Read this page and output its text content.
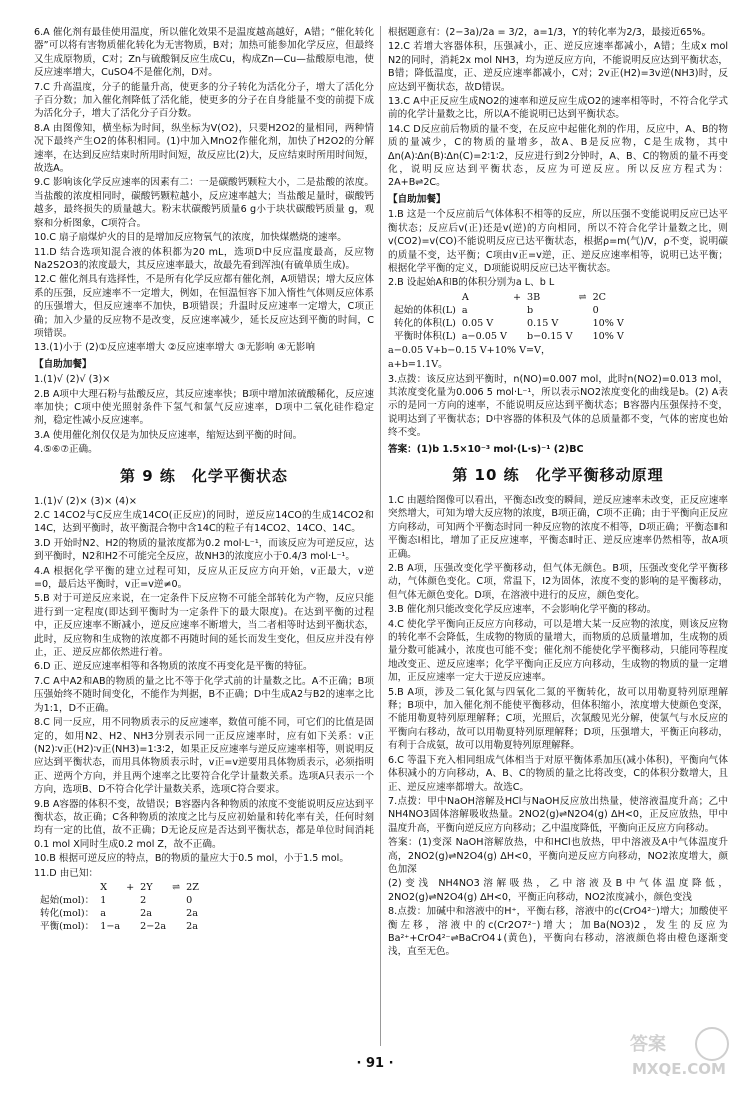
6.A 催化剂有最佳使用温度，所以催化效果不是温度越高越好，A错；“催化转化器”可以将有害物质催化转化为无害物质，B对；加热可能参加化学反应，但最终又生成原物质，C对；Zn与硫酸铜反应生成Cu，构成Zn—Cu—盐酸原电池，使反应速率增大，CuSO4不是催化剂，D对。

7.C 升高温度，分子的能量升高，使更多的分子转化为活化分子，增大了活化分子百分数；加入催化剂降低了活化能，使更多的分子在自身能量不变的前提下成为活化分子，增大了活化分子百分数。

8.A 由图像知，横坐标为时间，纵坐标为V(O2)，只要H2O2的量相同，两种情况下最终产生O2的体积相同。(1)中加入MnO2作催化剂，加快了H2O2的分解速率，在达到反应结束时所用时间短，故反应比(2)大，反应结束时所用时间短，故选A。

9.C 影响该化学反应速率的因素有二：一是碳酸钙颗粒大小，二是盐酸的浓度。当盐酸的浓度相同时，碳酸钙颗粒越小，反应速率越大；当盐酸足量时，碳酸钙越多，最终损失的质量越大。粉末状碳酸钙质量6 g小于块状碳酸钙质量 g，观察和分析图象，C项符合。

10.C 扇子扇煤炉火的目的是增加反应物氧气的浓度，加快煤燃烧的速率。

11.D 结合选项知混合液的体积都为20 mL，选项D中反应温度最高，反应物Na2S2O3的浓度最大，其反应速率最大，故最先看到浑浊(有硫单质生成)。

12.C 催化剂具有选择性，不是所有化学反应都有催化剂，A项错误；增大反应体系的压强，反应速率不一定增大，例如，在恒温恒容下加入惰性气体则反应体系的压强增大，但反应速率不加快，B项错误；升温时反应速率一定增大，C项正确；加入少量的反应物不是改变，反应速率减少，延长反应达到平衡的时间，C项错误。

13.(1)小于 (2)①反应速率增大 ②反应速率增大 ③无影响 ④无影响

【自助加餐】

1.(1)√ (2)√ (3)×

2.B A项中大理石粉与盐酸反应，其反应速率快；B项中增加浓硫酸稀化，反应速率加快；C项中使光照射条件下氢气和氯气反应速率，D项中二氧化硅作稳定剂，稳定性减小反应速率。

3.A 使用催化剂仅仅是为加快反应速率，缩短达到平衡的时间。

4.⑤⑥⑦正确。

第 9 练　化学平衡状态

1.(1)√ (2)× (3)× (4)×

2.C 14CO2与C反应生成14CO(正反应)的同时，逆反应14CO的生成14CO2和14C，达到平衡时，故平衡混合物中含14C的粒子有14CO2、14CO、14C。

3.D 开始时N2、H2的物质的量浓度都为0.2 mol·L⁻¹，而该反应为可逆反应，达到平衡时，N2和H2不可能完全反应，故NH3的浓度应小于0.4/3 mol·L⁻¹。

4.A 根据化学平衡的建立过程可知，反应从正反应方向开始，v正最大，v逆=0，最后达平衡时，v正=v逆≠0。

5.B 对于可逆反应来说，在一定条件下反应物不可能全部转化为产物，反应只能进行到一定程度(即达到平衡时为一定条件下的最大限度)。在达到平衡的过程中，正反应速率不断减小，逆反应速率不断增大，当二者相等时达到平衡状态，此时，反应物和生成物的浓度都不再随时间的延长而发生变化，但反应并没有停止，正、逆反应都依然进行着。

6.D 正、逆反应速率相等和各物质的浓度不再变化是平衡的特征。

7.C A中A2和AB的物质的量之比不等于化学式前的计量数之比。A不正确；B项压强始终不随时间变化，不能作为判据，B不正确；D中生成A2与B2的速率之比为1:1，D不正确。

8.C 同一反应，用不同物质表示的反应速率，数值可能不同，可它们的比值是固定的，如用N2、H2、NH3分别表示同一正反应速率时，应有如下关系：v正(N2)∶v正(H2)∶v正(NH3)=1∶3∶2，如果正反应速率与逆反应速率相等，则说明反应达到平衡状态，而用具体物质表示时，v正=v逆要用具体物质表示，必须指明正、逆两个方向，并且两个速率之比要符合化学计量数关系。选项A只表示一个方向，选项B、D不符合化学计量数关系，选项C符合要求。

9.B A容器的体积不变，故错误；B容器内各种物质的浓度不变能说明反应达到平衡状态，故正确；C各种物质的浓度之比与反应初始量和转化率有关，任何时刻均有一定的比值，故不正确；D无论反应是否达到平衡状态，都是单位时间消耗0.1 mol X同时生成0.2 mol Z，故不正确。

10.B 根据可逆反应的特点，B的物质的量应大于0.5 mol，小于1.5 mol。

11.D 由已知：

	X	+	2Y	⇌	2Z
起始(mol)：	1		2		0
转化(mol)：	a		2a		2a
平衡(mol)：	1−a		2−2a		2a

根据题意有：(2−3a)/2a = 3/2，a=1/3，Y的转化率为2/3，最接近65%。

12.C 若增大容器体积，压强减小，正、逆反应速率都减小，A错；生成x mol N2的同时，消耗2x mol NH3，均为逆反应方向，不能说明反应达到平衡状态，B错；降低温度，正、逆反应速率都减小，C对；2v正(H2)=3v逆(NH3)时，反应达到平衡状态，故D错误。

13.C A中正反应生成NO2的速率和逆反应生成O2的速率相等时，不符合化学式前的化学计量数之比，所以A不能说明已达到平衡状态。

14.C D反应前后物质的量不变，在反应中起催化剂的作用，反应中，A、B的物质的量减少，C的物质的量增多，故A、B是反应物，C是生成物，其中Δn(A)∶Δn(B)∶Δn(C)=2∶1∶2，反应进行到2分钟时，A、B、C的物质的量不再变化，说明反应达到平衡状态，反应为可逆反应。所以反应方程式为：2A+B⇌2C。

【自助加餐】

1.B 这是一个反应前后气体体积不相等的反应，所以压强不变能说明反应已达平衡状态；反应后v(正)还是v(逆)的方向相同，所以不符合化学计量数之比，则v(CO2)=v(CO)不能说明反应已达平衡状态，根据ρ=m(气)/V，ρ不变，说明碳的质量不变，达平衡；C项由v正=v逆，正、逆反应速率相等，说明已达平衡；根据化学平衡的定义，D项能说明反应已达平衡状态。

2.B 设起始A和B的体积分别为a L、b L

	A	+	3B	⇌	2C
起始的体积(L)	a		b		0
转化的体积(L)	0.05 V		0.15 V		10% V
平衡时体积(L)	a−0.05 V		b−0.15 V		10% V

a−0.05 V+b−0.15 V+10% V=V，

a+b=1.1V。

3.点拨：该反应达到平衡时，n(NO)=0.007 mol，此时n(NO2)=0.013 mol，其浓度变化量为0.006 5 mol·L⁻¹，所以表示NO2浓度变化的曲线是b。(2) A表示的是同一方向的速率，不能说明反应达到平衡状态；B容器内压强保持不变，说明达到了平衡状态；D中容器的体积及气体的总质量都不变，气体的密度也始终不变。

答案：(1)b 1.5×10⁻³ mol·(L·s)⁻¹ (2)BC

第 10 练　化学平衡移动原理

1.C 由题给图像可以看出，平衡态Ⅰ改变的瞬间，逆反应速率未改变，正反应速率突然增大，可知为增大反应物的浓度，B项正确，C项不正确；由于平衡向正反应方向移动，可知两个平衡态时同一种反应物的浓度不相等，D项正确；平衡态Ⅱ和平衡态Ⅰ相比，增加了正反应速率，平衡态Ⅱ时正、逆反应速率仍然相等，故A项正确。

2.B A项，压强改变化学平衡移动，但气体无颜色。B项，压强改变化学平衡移动，气体颜色变化。C项，常温下，I2为固体，浓度不变的影响的是平衡移动，但气体无颜色变化。D项，在溶液中进行的反应，颜色变化。

3.B 催化剂只能改变化学反应速率，不会影响化学平衡的移动。

4.C 使化学平衡向正反应方向移动，可以是增大某一反应物的浓度，则该反应物的转化率不会降低，生成物的物质的量增大，而物质的总质量增加，生成物的质量分数可能减小，浓度也可能不变；催化剂不能使化学平衡移动，只能同等程度地改变正、逆反应速率；化学平衡向正反应方向移动，生成物的物质的量一定增加，正反应速率一定大于逆反应速率。

5.B A项，涉及二氧化氮与四氧化二氮的平衡转化，故可以用勒夏特列原理解释；B项中，加入催化剂不能使平衡移动，但体积缩小，浓度增大使颜色变深，不能用勒夏特列原理解释；C项，光照后，次氯酸见光分解，使氯气与水反应的平衡向右移动，故可以用勒夏特列原理解释；D项，压强增大，平衡正向移动，有利于合成氨，故可以用勒夏特列原理解释。

6.C 等温下充入相同组成气体相当于对原平衡体系加压(减小体积)，平衡向气体体积减小的方向移动，A、B、C的物质的量之比将改变，C的体积分数增大，且正、逆反应速率都增大。故选C。

7.点拨：甲中NaOH溶解及HCl与NaOH反应放出热量，使溶液温度升高；乙中NH4NO3固体溶解吸收热量。2NO2(g)⇌N2O4(g) ΔH<0，正反应放热，甲中温度升高，平衡向逆反应方向移动；乙中温度降低，平衡向正反应方向移动。

答案：(1)变深 NaOH溶解放热，中和HCl也放热，甲中溶液及A中气体温度升高，2NO2(g)⇌N2O4(g) ΔH<0，平衡向逆反应方向移动，NO2浓度增大，颜色加深

(2)变浅 NH4NO3溶解吸热，乙中溶液及B中气体温度降低，2NO2(g)⇌N2O4(g) ΔH<0，平衡正向移动，NO2浓度减小，颜色变浅

8.点拨：加碱中和溶液中的H⁺，平衡右移，溶液中的c(CrO4²⁻)增大；加酸使平衡左移，溶液中的c(Cr2O7²⁻)增大；加Ba(NO3)2，发生的反应为Ba²⁺+CrO4²⁻⇌BaCrO4↓(黄色)，平衡向右移动，溶液颜色将由橙色逐渐变浅，直至无色。

· 91 ·
答案
MXQE.COM
